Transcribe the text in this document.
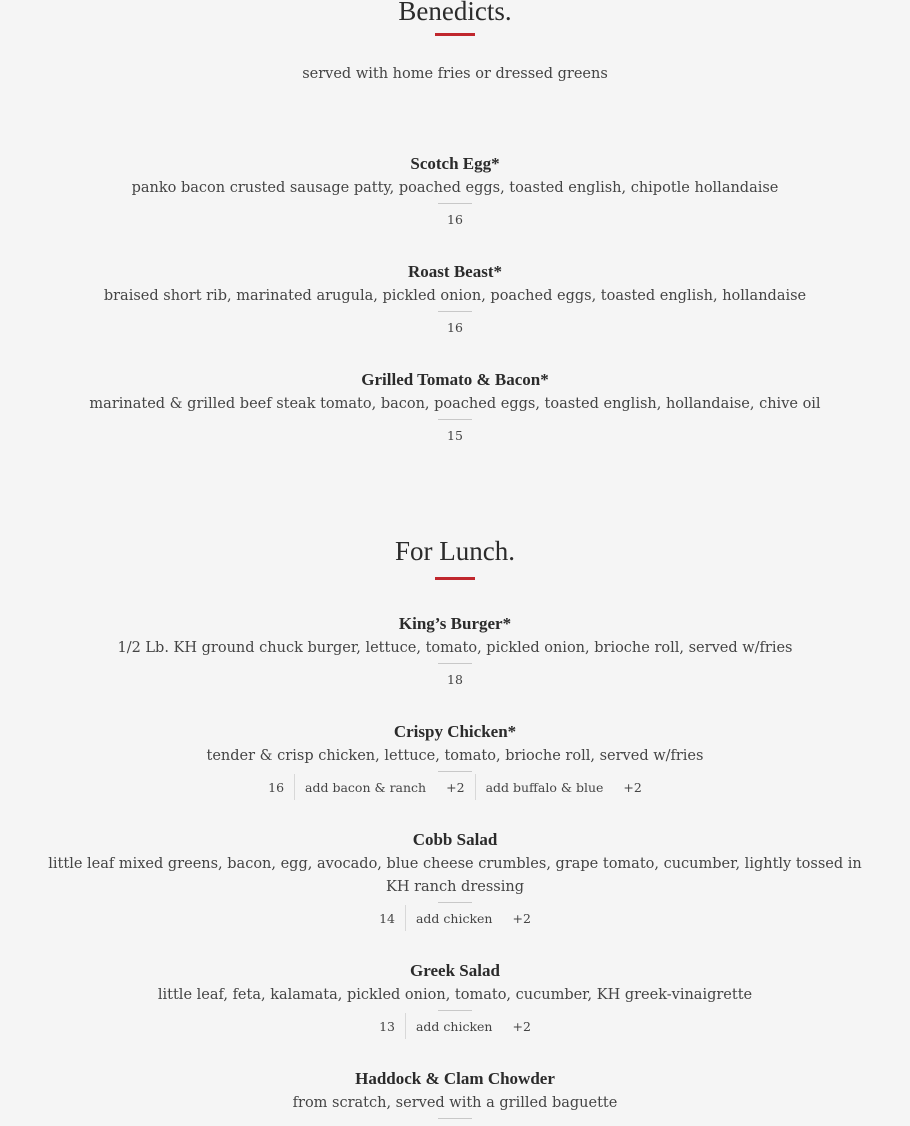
Benedicts.

served with home fries or dressed greens

Scotch Egg*

panko bacon crusted sausage patty, poached eggs, toasted english, chipotle hollandaise
16

Roast Beast*

braised short rib, marinated arugula, pickled onion, poached eggs, toasted english, hollandaise
16

Grilled Tomato & Bacon*

marinated & grilled beef steak tomato, bacon, poached eggs, toasted english, hollandaise, chive oil
15
For Lunch.

King’s Burger*

1/2 Lb. KH ground chuck burger, lettuce, tomato, pickled onion, brioche roll, served w/fries
18

Crispy Chicken*

tender & crisp chicken, lettuce, tomato, brioche roll, served w/fries
16	add bacon & ranch +2 add buffalo & blue +2

Cobb Salad

little leaf mixed greens, bacon, egg, avocado, blue cheese crumbles, grape tomato, cucumber, lightly tossed in KH ranch dressing
14	add chicken +2

Greek Salad

little leaf, feta, kalamata, pickled onion, tomato, cucumber, KH greek-vinaigrette
13	add chicken +2

Haddock & Clam Chowder

from scratch, served with a grilled baguette
